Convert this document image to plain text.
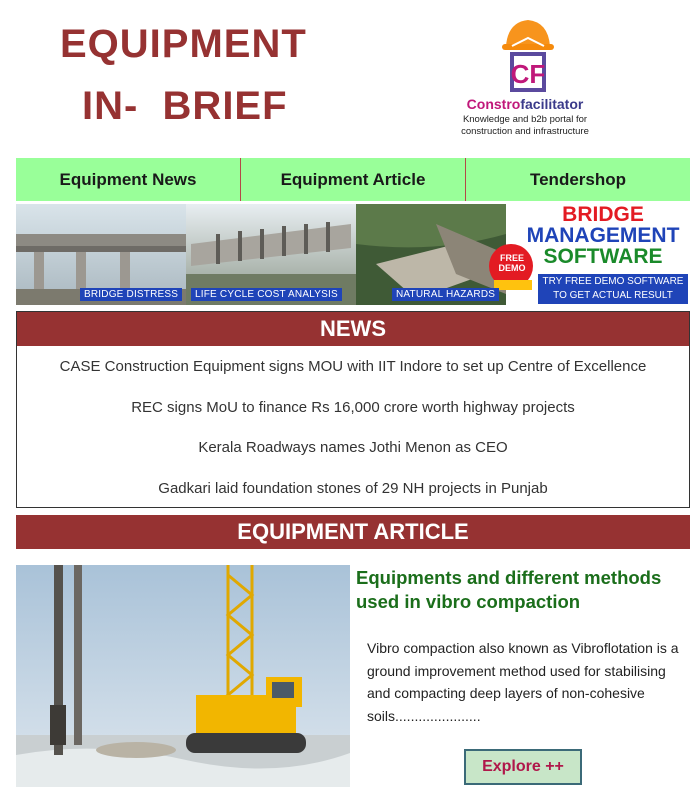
EQUIPMENT
IN-  BRIEF
CF
Constrofacilitator
Knowledge and b2b portal for
construction and infrastructure
Equipment News	Equipment Article	Tendershop
BRIDGE DISTRESS	LIFE CYCLE COST ANALYSIS	NATURAL HAZARDS
FREE
DEMO
BRIDGE
MANAGEMENT
SOFTWARE
TRY FREE DEMO SOFTWARE
TO GET ACTUAL RESULT
NEWS
CASE Construction Equipment signs MOU with IIT Indore to set up Centre of Excellence
REC signs MoU to finance Rs 16,000 crore worth highway projects
Kerala Roadways names Jothi Menon as CEO
Gadkari laid foundation stones of 29 NH projects in Punjab
EQUIPMENT ARTICLE
Equipments and different methods used in vibro compaction
Vibro compaction also known as Vibroflotation is a ground improvement method used for stabilising and compacting deep layers of non-cohesive soils......................
Explore ++
